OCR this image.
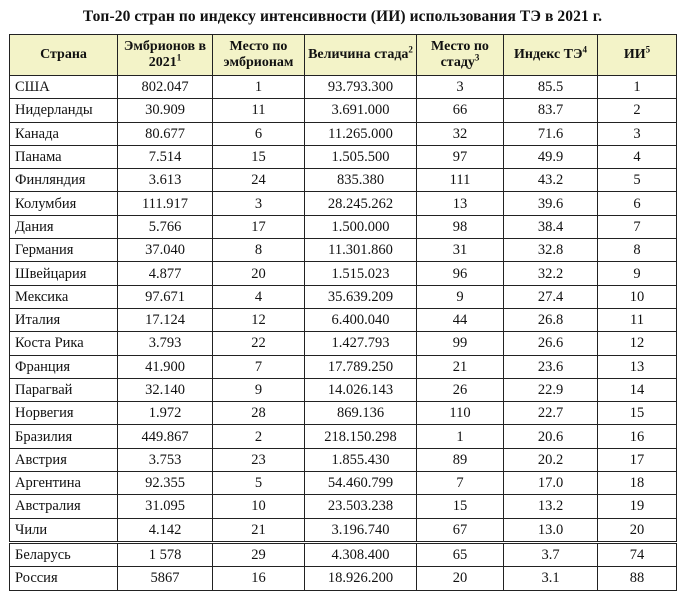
Топ-20 стран по индексу интенсивности (ИИ) использования ТЭ в 2021 г.
Страна	Эмбрионов в 2021$^1$	Место по эмбрионам	Величина стада$^2$	Место по стаду$^3$	Индекс $ТЭ^4$	$ИИ^5$
США	802.047	1	93.793.300	3	85.5	1
Нидерланды	30.909	11	3.691.000	66	83.7	2
Канада	80.677	6	11.265.000	32	71.6	3
Панама	7.514	15	1.505.500	97	49.9	4
Финляндия	3.613	24	835.380	111	43.2	5
Колумбия	111.917	3	28.245.262	13	39.6	6
Дания	5.766	17	1.500.000	98	38.4	7
Германия	37.040	8	11.301.860	31	32.8	8
Швейцария	4.877	20	1.515.023	96	32.2	9
Мексика	97.671	4	35.639.209	9	27.4	10
Италия	17.124	12	6.400.040	44	26.8	11
Коста Рика	3.793	22	1.427.793	99	26.6	12
Франция	41.900	7	17.789.250	21	23.6	13
Парагвай	32.140	9	14.026.143	26	22.9	14
Норвегия	1.972	28	869.136	110	22.7	15
Бразилия	449.867	2	218.150.298	1	20.6	16
Австрия	3.753	23	1.855.430	89	20.2	17
Аргентина	92.355	5	54.460.799	7	17.0	18
Австралия	31.095	10	23.503.238	15	13.2	19
Чили	4.142	21	3.196.740	67	13.0	20
Беларусь	1 578	29	4.308.400	65	3.7	74
Россия	5867	16	18.926.200	20	3.1	88
